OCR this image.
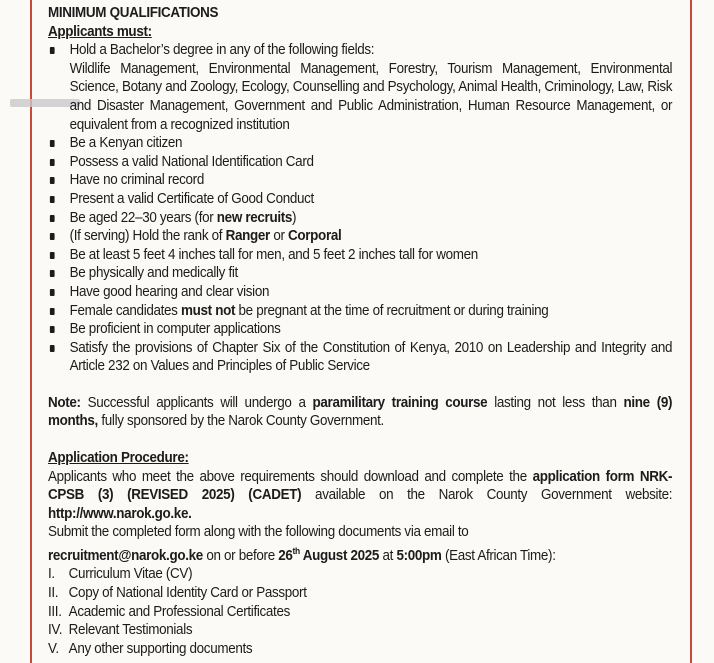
MINIMUM QUALIFICATIONS
Applicants must:
Hold a Bachelor’s degree in any of the following fields:
Wildlife Management, Environmental Management, Forestry, Tourism Management, Environmental Science, Botany and Zoology, Ecology, Counselling and Psychology, Animal Health, Criminology, Law, Risk and Disaster Management, Government and Public Administration, Human Resource Management, or equivalent from a recognized institution
Be a Kenyan citizen
Possess a valid National Identification Card
Have no criminal record
Present a valid Certificate of Good Conduct
Be aged 22–30 years (for new recruits)
(If serving) Hold the rank of Ranger or Corporal
Be at least 5 feet 4 inches tall for men, and 5 feet 2 inches tall for women
Be physically and medically fit
Have good hearing and clear vision
Female candidates must not be pregnant at the time of recruitment or during training
Be proficient in computer applications
Satisfy the provisions of Chapter Six of the Constitution of Kenya, 2010 on Leadership and Integrity and Article 232 on Values and Principles of Public Service
Note: Successful applicants will undergo a paramilitary training course lasting not less than nine (9) months, fully sponsored by the Narok County Government.
Application Procedure:
Applicants who meet the above requirements should download and complete the application form NRK-CPSB (3) (REVISED 2025) (CADET) available on the Narok County Government website: http://www.narok.go.ke.
Submit the completed form along with the following documents via email to
recruitment@narok.go.ke on or before 26th August 2025 at 5:00pm (East African Time):
I. Curriculum Vitae (CV)
II. Copy of National Identity Card or Passport
III. Academic and Professional Certificates
IV. Relevant Testimonials
V. Any other supporting documents
